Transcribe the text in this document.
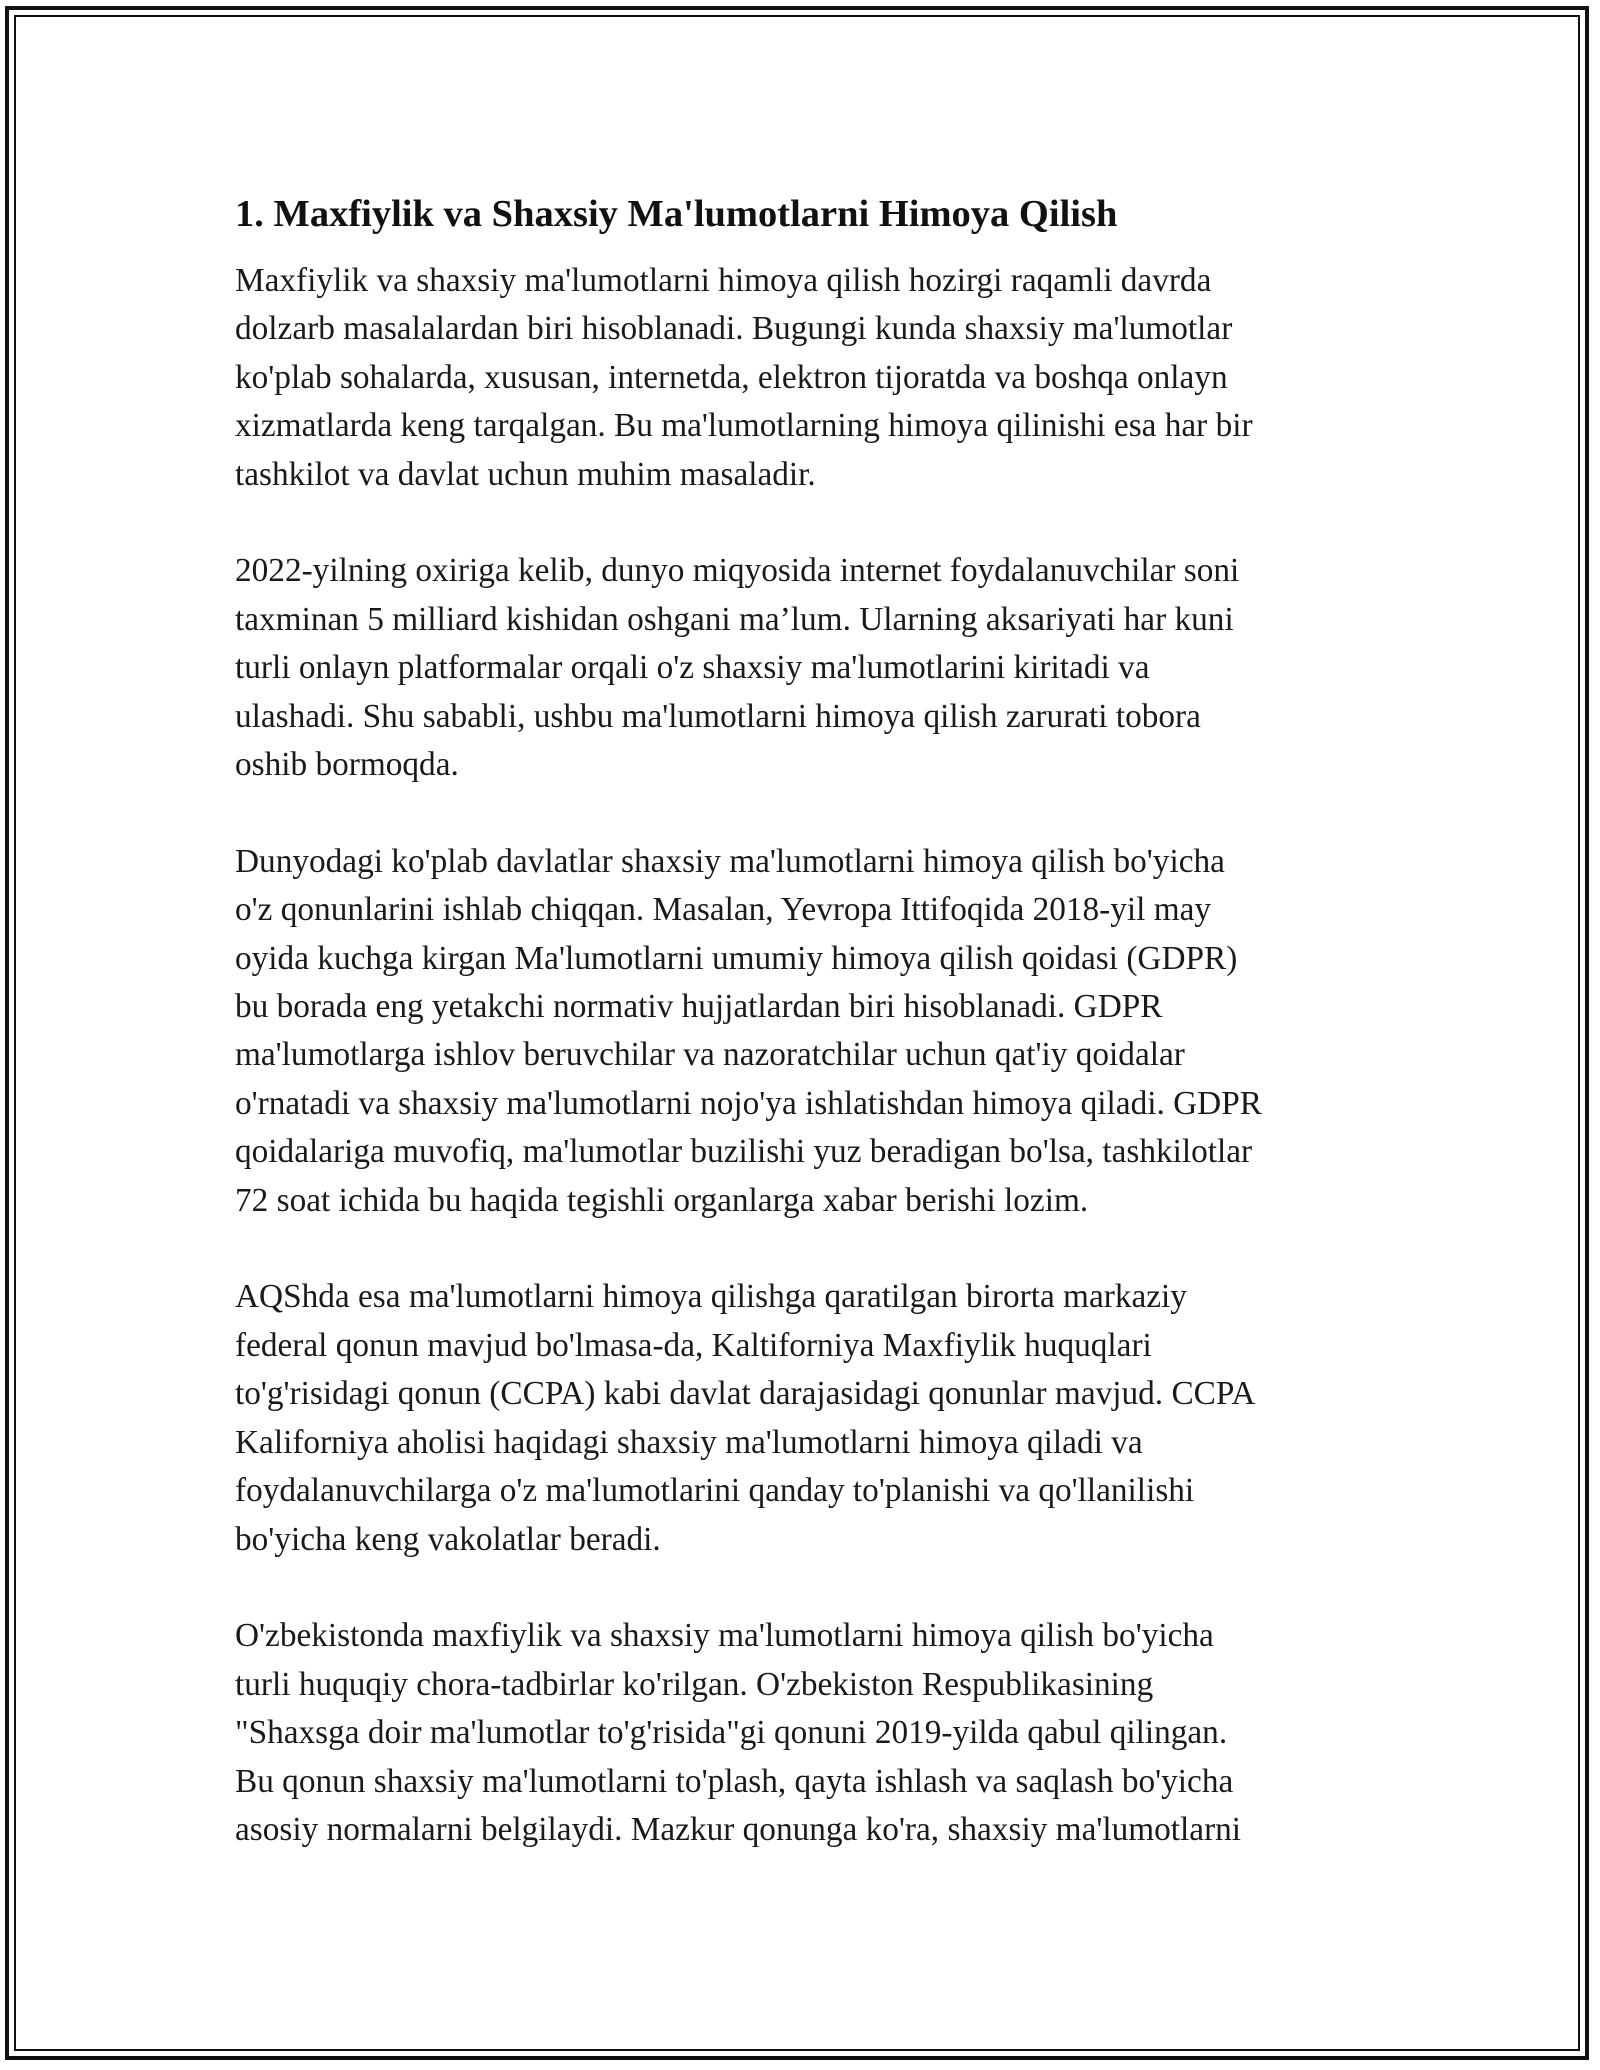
1. Maxfiylik va Shaxsiy Ma'lumotlarni Himoya Qilish

Maxfiylik va shaxsiy ma'lumotlarni himoya qilish hozirgi raqamli davrda
dolzarb masalalardan biri hisoblanadi. Bugungi kunda shaxsiy ma'lumotlar
ko'plab sohalarda, xususan, internetda, elektron tijoratda va boshqa onlayn
xizmatlarda keng tarqalgan. Bu ma'lumotlarning himoya qilinishi esa har bir
tashkilot va davlat uchun muhim masaladir.

2022-yilning oxiriga kelib, dunyo miqyosida internet foydalanuvchilar soni
taxminan 5 milliard kishidan oshgani ma’lum. Ularning aksariyati har kuni
turli onlayn platformalar orqali o'z shaxsiy ma'lumotlarini kiritadi va
ulashadi. Shu sababli, ushbu ma'lumotlarni himoya qilish zarurati tobora
oshib bormoqda.

Dunyodagi ko'plab davlatlar shaxsiy ma'lumotlarni himoya qilish bo'yicha
o'z qonunlarini ishlab chiqqan. Masalan, Yevropa Ittifoqida 2018-yil may
oyida kuchga kirgan Ma'lumotlarni umumiy himoya qilish qoidasi (GDPR)
bu borada eng yetakchi normativ hujjatlardan biri hisoblanadi. GDPR
ma'lumotlarga ishlov beruvchilar va nazoratchilar uchun qat'iy qoidalar
o'rnatadi va shaxsiy ma'lumotlarni nojo'ya ishlatishdan himoya qiladi. GDPR
qoidalariga muvofiq, ma'lumotlar buzilishi yuz beradigan bo'lsa, tashkilotlar
72 soat ichida bu haqida tegishli organlarga xabar berishi lozim.

AQShda esa ma'lumotlarni himoya qilishga qaratilgan birorta markaziy
federal qonun mavjud bo'lmasa-da, Kaltiforniya Maxfiylik huquqlari
to'g'risidagi qonun (CCPA) kabi davlat darajasidagi qonunlar mavjud. CCPA
Kaliforniya aholisi haqidagi shaxsiy ma'lumotlarni himoya qiladi va
foydalanuvchilarga o'z ma'lumotlarini qanday to'planishi va qo'llanilishi
bo'yicha keng vakolatlar beradi.

O'zbekistonda maxfiylik va shaxsiy ma'lumotlarni himoya qilish bo'yicha
turli huquqiy chora-tadbirlar ko'rilgan. O'zbekiston Respublikasining
"Shaxsga doir ma'lumotlar to'g'risida"gi qonuni 2019-yilda qabul qilingan.
Bu qonun shaxsiy ma'lumotlarni to'plash, qayta ishlash va saqlash bo'yicha
asosiy normalarni belgilaydi. Mazkur qonunga ko'ra, shaxsiy ma'lumotlarni
